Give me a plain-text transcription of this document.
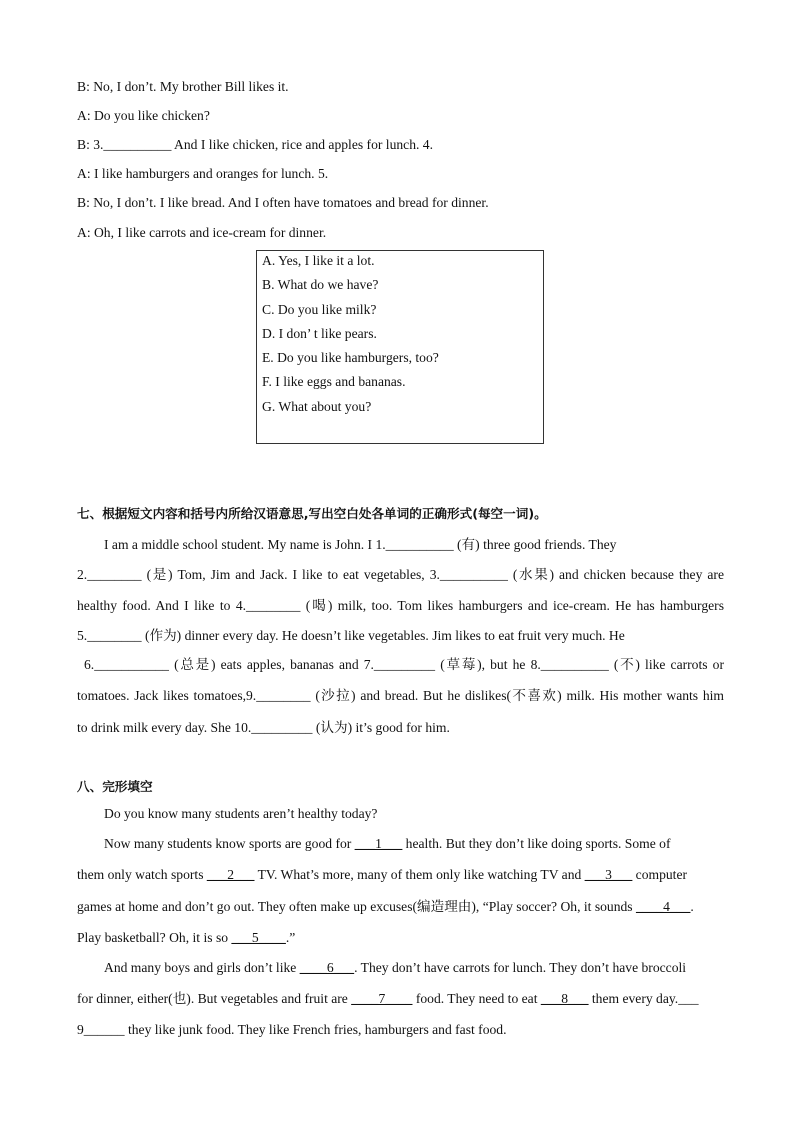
B: No, I don’t. My brother Bill likes it.
A: Do you like chicken?
B: 3.__________ And I like chicken, rice and apples for lunch. 4.
A: I like hamburgers and oranges for lunch. 5.
B: No, I don’t. I like bread. And I often have tomatoes and bread for dinner.
A: Oh, I like carrots and ice-cream for dinner.
A. Yes, I like it a lot.
B. What do we have?
C. Do you like milk?
D. I don’ t like pears.
E. Do you like hamburgers, too?
F. I like eggs and bananas.
G. What about you?
七、根据短文内容和括号内所给汉语意思,写出空白处各单词的正确形式(每空一词)。
I am a middle school student. My name is John. I 1.__________ (有) three good friends. They
2.________ (是) Tom, Jim and Jack. I like to eat vegetables, 3.__________ (水果) and chicken because they are
healthy food. And I like to 4.________ (喝) milk, too. Tom likes hamburgers and ice-cream. He has hamburgers
5.________ (作为) dinner every day. He doesn’t like vegetables. Jim likes to eat fruit very much. He
6.___________ (总是) eats apples, bananas and 7._________ (草莓), but he 8.__________ (不) like carrots or
tomatoes. Jack likes tomatoes,9.________ (沙拉) and bread. But he dislikes(不喜欢) milk. His mother wants him
to drink milk every day. She 10._________ (认为) it’s good for him.
八、完形填空
Do you know many students aren’t healthy today?
Now many students know sports are good for ___1___ health. But they don’t like doing sports. Some of
them only watch sports ___2___ TV. What’s more, many of them only like watching TV and ___3___ computer
games at home and don’t go out. They often make up excuses(编造理由), “Play soccer? Oh, it sounds ____4___.
Play basketball? Oh, it is so ___5____.”
And many boys and girls don’t like ____6___. They don’t have carrots for lunch. They don’t have broccoli
for dinner, either(也). But vegetables and fruit are ____7____ food. They need to eat ___8___ them every day.___
9______ they like junk food. They like French fries, hamburgers and fast food.
